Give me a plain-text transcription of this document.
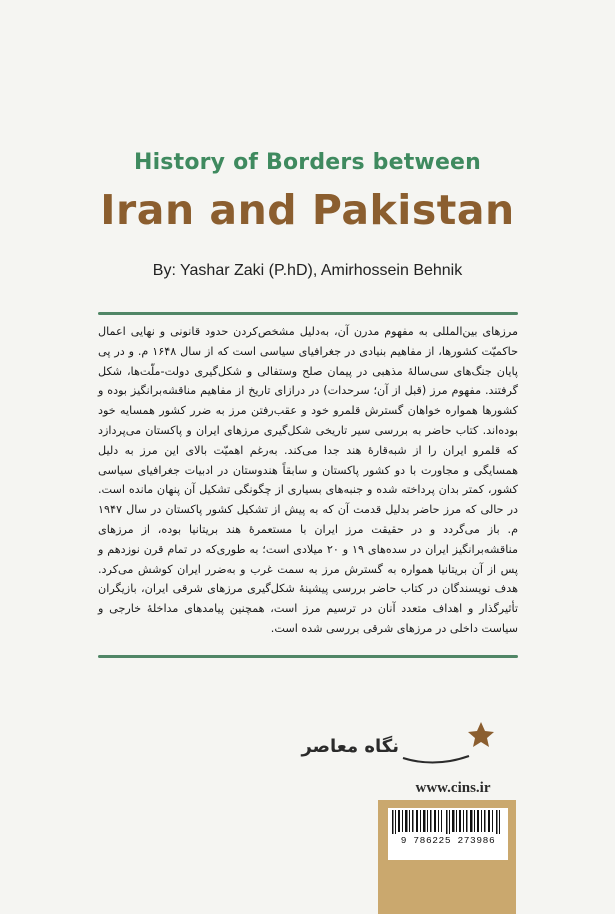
History of Borders between
Iran and Pakistan
By: Yashar Zaki (P.hD), Amirhossein Behnik
مرزهای بین‌المللی به مفهوم مدرن آن، به‌دلیل مشخص‌کردن حدود قانونی و نهایی اعمال حاکمیّت کشورها، از مفاهیم بنیادی در جغرافیای سیاسی است که از سال ۱۶۴۸ م. و در پی پایان جنگ‌های سی‌سالهٔ مذهبی در پیمان صلح وستفالی و شکل‌گیری دولت-ملّت‌ها، شکل گرفتند. مفهوم مرز (قبل از آن؛ سرحدات) در درازای تاریخ از مفاهیم مناقشه‌برانگیز بوده و کشورها همواره خواهان گسترش قلمرو خود و عقب‌رفتن مرز به ضرر کشور همسایه خود بوده‌اند. کتاب حاضر به بررسی سیر تاریخی شکل‌گیری مرزهای ایران و پاکستان می‌پردازد که قلمرو ایران را از شبه‌قارهٔ هند جدا می‌کند. به‌رغم اهمیّت بالای این مرز به دلیل همسایگی و مجاورت با دو کشور پاکستان و سابقاً هندوستان در ادبیات جغرافیای سیاسی کشور، کمتر بدان پرداخته شده و جنبه‌های بسیاری از چگونگی تشکیل آن پنهان مانده است. در حالی که مرز حاضر بدلیل قدمت آن که به پیش از تشکیل کشور پاکستان در سال ۱۹۴۷ م. باز می‌گردد و در حقیقت مرز ایران با مستعمرهٔ هند بریتانیا بوده، از مرزهای مناقشه‌برانگیز ایران در سده‌های ۱۹ و ۲۰ میلادی است؛ به طوری‌که در تمام قرن نوزدهم و پس از آن بریتانیا همواره به گسترش مرز به سمت غرب و به‌ضرر ایران کوشش می‌کرد. هدف نویسندگان در کتاب حاضر بررسی پیشینهٔ شکل‌گیری مرزهای شرقی ایران، بازیگران تأثیرگذار و اهداف متعدد آنان در ترسیم مرز است، همچنین پیامدهای مداخلهٔ خارجی و سیاست داخلی در مرزهای شرقی بررسی شده است.
نگاه معاصر
www.cins.ir
9 786225 273986
